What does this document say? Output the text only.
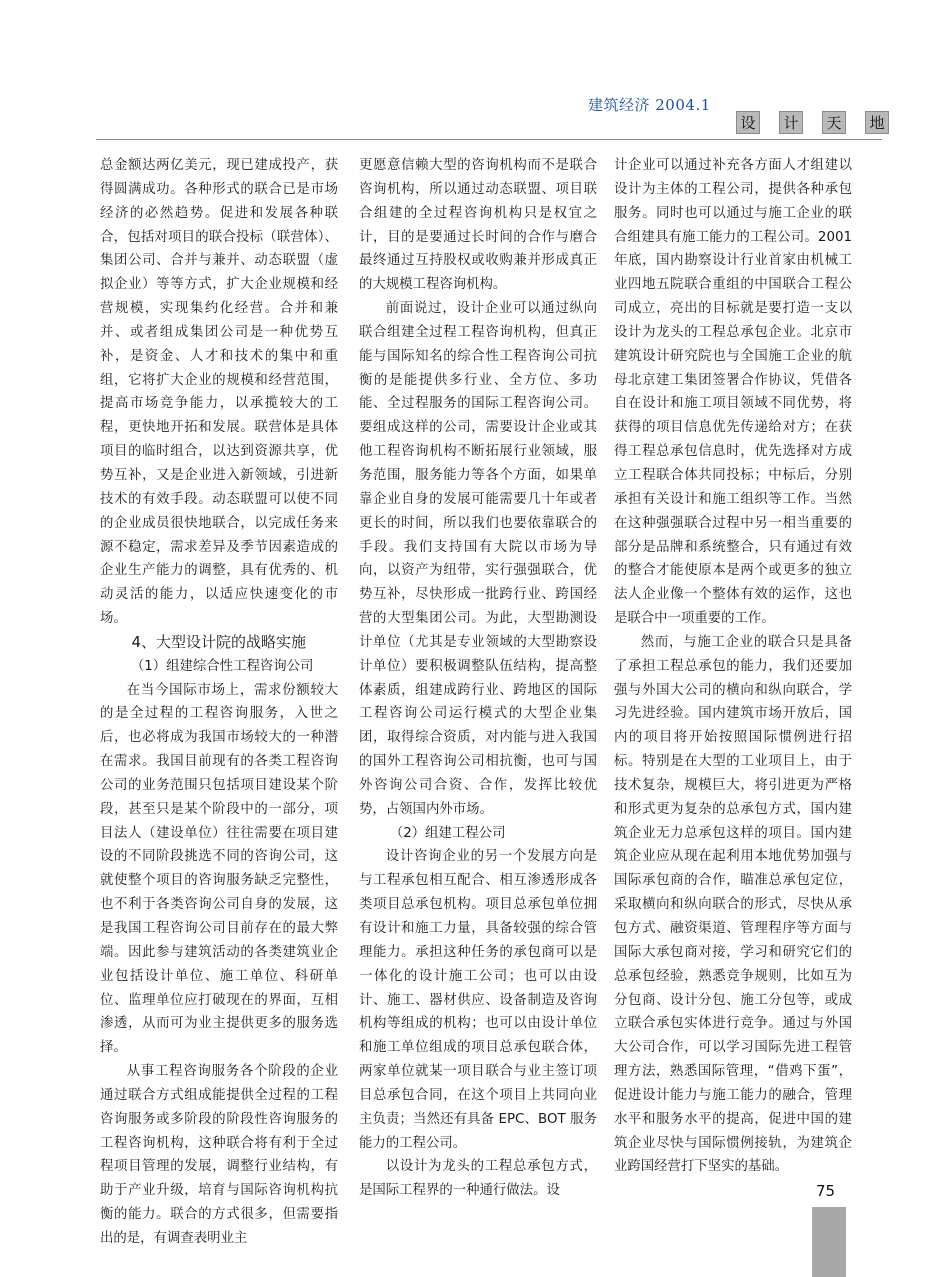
建筑经济 2004.1
设	计	天	地

总金额达两亿美元，现已建成投产，获得圆满成功。各种形式的联合已是市场经济的必然趋势。促进和发展各种联合，包括对项目的联合投标（联营体）、集团公司、合并与兼并、动态联盟（虚拟企业）等等方式，扩大企业规模和经营规模，实现集约化经营。合并和兼并、或者组成集团公司是一种优势互补，是资金、人才和技术的集中和重组，它将扩大企业的规模和经营范围，提高市场竞争能力，以承揽较大的工程，更快地开拓和发展。联营体是具体项目的临时组合，以达到资源共享，优势互补，又是企业进入新领域，引进新技术的有效手段。动态联盟可以使不同的企业成员很快地联合，以完成任务来源不稳定，需求差异及季节因素造成的企业生产能力的调整，具有优秀的、机动灵活的能力，以适应快速变化的市场。

4、大型设计院的战略实施

（1）组建综合性工程咨询公司

在当今国际市场上，需求份额较大的是全过程的工程咨询服务，入世之后，也必将成为我国市场较大的一种潜在需求。我国目前现有的各类工程咨询公司的业务范围只包括项目建设某个阶段，甚至只是某个阶段中的一部分，项目法人（建设单位）往往需要在项目建设的不同阶段挑选不同的咨询公司，这就使整个项目的咨询服务缺乏完整性，也不利于各类咨询公司自身的发展，这是我国工程咨询公司目前存在的最大弊端。因此参与建筑活动的各类建筑业企业包括设计单位、施工单位、科研单位、监理单位应打破现在的界面，互相渗透，从而可为业主提供更多的服务选择。

从事工程咨询服务各个阶段的企业通过联合方式组成能提供全过程的工程咨询服务或多阶段的阶段性咨询服务的工程咨询机构，这种联合将有利于全过程项目管理的发展，调整行业结构，有助于产业升级，培育与国际咨询机构抗衡的能力。联合的方式很多，但需要指出的是，有调查表明业主

更愿意信赖大型的咨询机构而不是联合咨询机构，所以通过动态联盟、项目联合组建的全过程咨询机构只是权宜之计，目的是要通过长时间的合作与磨合最终通过互持股权或收购兼并形成真正的大规模工程咨询机构。

前面说过，设计企业可以通过纵向联合组建全过程工程咨询机构，但真正能与国际知名的综合性工程咨询公司抗衡的是能提供多行业、全方位、多功能、全过程服务的国际工程咨询公司。要组成这样的公司，需要设计企业或其他工程咨询机构不断拓展行业领域，服务范围，服务能力等各个方面，如果单靠企业自身的发展可能需要几十年或者更长的时间，所以我们也要依靠联合的手段。我们支持国有大院以市场为导向，以资产为纽带，实行强强联合，优势互补，尽快形成一批跨行业、跨国经营的大型集团公司。为此，大型勘测设计单位（尤其是专业领域的大型勘察设计单位）要积极调整队伍结构，提高整体素质，组建成跨行业、跨地区的国际工程咨询公司运行模式的大型企业集团，取得综合资质，对内能与进入我国的国外工程咨询公司相抗衡，也可与国外咨询公司合资、合作，发挥比较优势，占领国内外市场。

（2）组建工程公司

设计咨询企业的另一个发展方向是与工程承包相互配合、相互渗透形成各类项目总承包机构。项目总承包单位拥有设计和施工力量，具备较强的综合管理能力。承担这种任务的承包商可以是一体化的设计施工公司；也可以由设计、施工、器材供应、设备制造及咨询机构等组成的机构；也可以由设计单位和施工单位组成的项目总承包联合体，两家单位就某一项目联合与业主签订项目总承包合同，在这个项目上共同向业主负责；当然还有具备 EPC、BOT 服务能力的工程公司。

以设计为龙头的工程总承包方式，是国际工程界的一种通行做法。设

计企业可以通过补充各方面人才组建以设计为主体的工程公司，提供各种承包服务。同时也可以通过与施工企业的联合组建具有施工能力的工程公司。2001 年底，国内勘察设计行业首家由机械工业四地五院联合重组的中国联合工程公司成立，亮出的目标就是要打造一支以设计为龙头的工程总承包企业。北京市建筑设计研究院也与全国施工企业的航母北京建工集团签署合作协议，凭借各自在设计和施工项目领域不同优势，将获得的项目信息优先传递给对方；在获得工程总承包信息时，优先选择对方成立工程联合体共同投标；中标后，分别承担有关设计和施工组织等工作。当然在这种强强联合过程中另一相当重要的部分是品牌和系统整合，只有通过有效的整合才能使原本是两个或更多的独立法人企业像一个整体有效的运作，这也是联合中一项重要的工作。

然而，与施工企业的联合只是具备了承担工程总承包的能力，我们还要加强与外国大公司的横向和纵向联合，学习先进经验。国内建筑市场开放后，国内的项目将开始按照国际惯例进行招标。特别是在大型的工业项目上，由于技术复杂，规模巨大，将引进更为严格和形式更为复杂的总承包方式，国内建筑企业无力总承包这样的项目。国内建筑企业应从现在起利用本地优势加强与国际承包商的合作，瞄准总承包定位，采取横向和纵向联合的形式，尽快从承包方式、融资渠道、管理程序等方面与国际大承包商对接，学习和研究它们的总承包经验，熟悉竞争规则，比如互为分包商、设计分包、施工分包等，或成立联合承包实体进行竞争。通过与外国大公司合作，可以学习国际先进工程管理方法，熟悉国际管理，“借鸡下蛋”，促进设计能力与施工能力的融合，管理水平和服务水平的提高，促进中国的建筑企业尽快与国际惯例接轨，为建筑企业跨国经营打下坚实的基础。

75
